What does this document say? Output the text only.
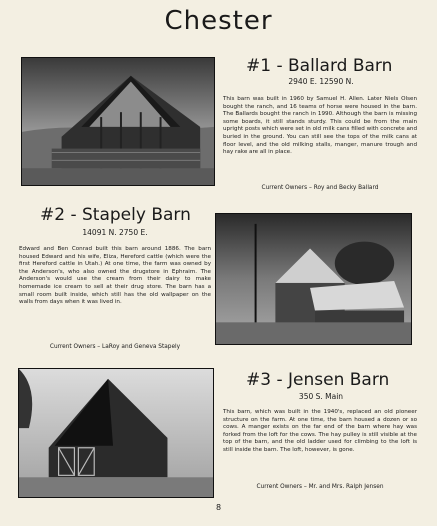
Chester
#1 - Ballard Barn
2940 E. 12590 N.
This barn was built in 1960 by Samuel H. Allen. Later Niels Olsen bought the ranch, and 16 teams of horse were housed in the barn. The Ballards bought the ranch in 1990. Although the barn is missing some boards, it still stands sturdy. This could be from the main upright posts which were set in old milk cans filled with concrete and buried in the ground. You can still see the tops of the milk cans at floor level, and the old milking stalls, manger, manure trough and hay rake are all in place.
Current Owners – Roy and Becky Ballard
#2 - Stapely Barn
14091 N. 2750 E.
Edward and Ben Conrad built this barn around 1886. The barn housed Edward and his wife, Eliza, Hereford cattle (which were the first Hereford cattle in Utah.) At one time, the farm was owned by the Anderson's, who also owned the drugstore in Ephraim. The Anderson's would use the cream from their dairy to make homemade ice cream to sell at their drug store. The barn has a small room built inside, which still has the old wallpaper on the walls from days when it was lived in.
Current Owners – LaRoy and Geneva Stapely
#3 - Jensen Barn
350 S. Main
This barn, which was built in the 1940's, replaced an old pioneer structure on the farm. At one time, the barn housed a dozen or so cows. A manger exists on the far end of the barn where hay was forked from the loft for the cows. The hay pulley is still visible at the top of the barn, and the old ladder used for climbing to the loft is still inside the barn. The loft, however, is gone.
Current Owners – Mr. and Mrs. Ralph Jensen
8
